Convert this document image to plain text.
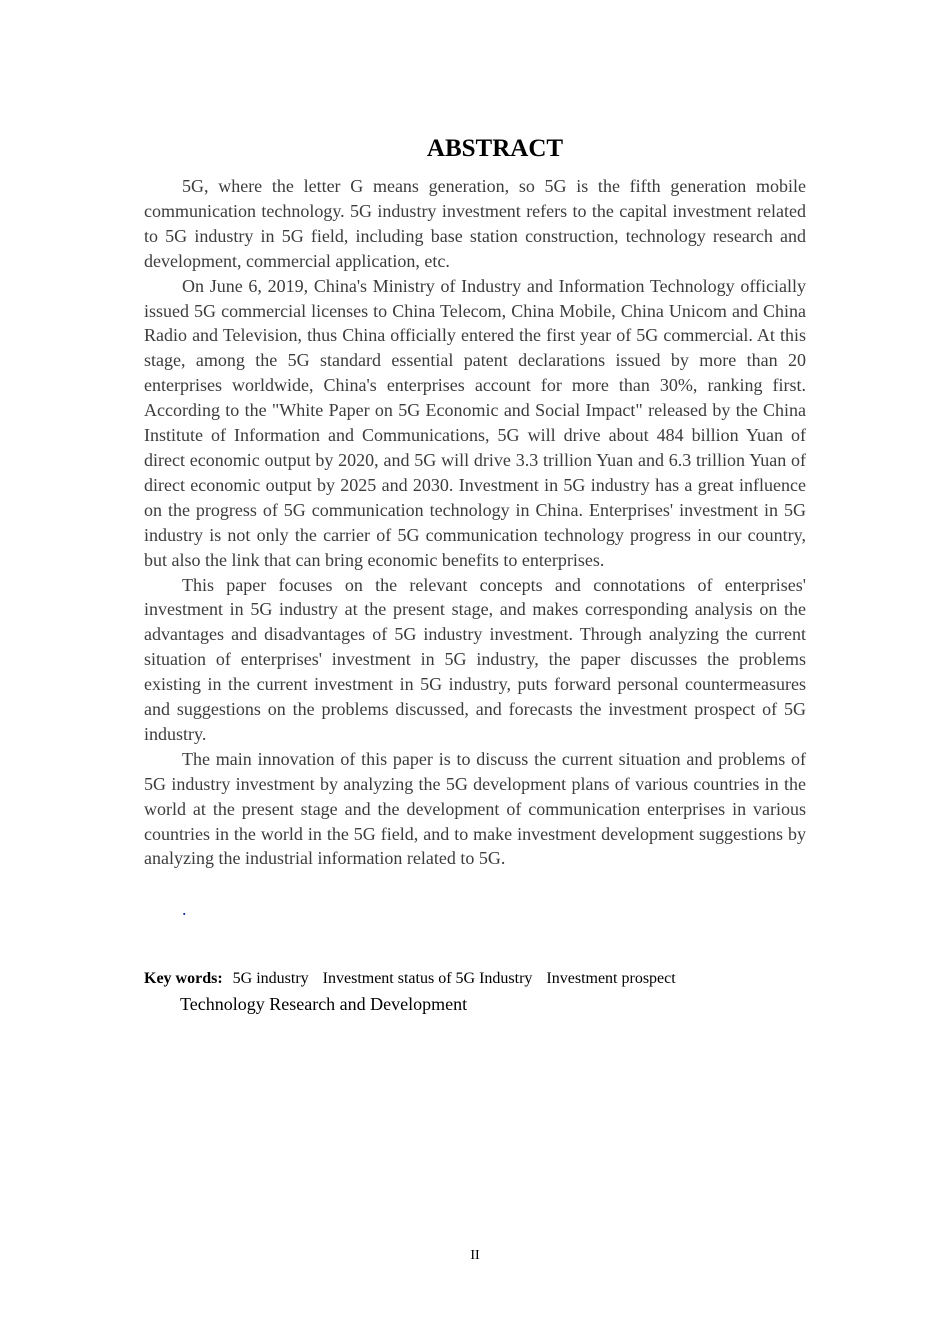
ABSTRACT

5G, where the letter G means generation, so 5G is the fifth generation mobile communication technology. 5G industry investment refers to the capital investment related to 5G industry in 5G field, including base station construction, technology research and development, commercial application, etc.

On June 6, 2019, China's Ministry of Industry and Information Technology officially issued 5G commercial licenses to China Telecom, China Mobile, China Unicom and China Radio and Television, thus China officially entered the first year of 5G commercial. At this stage, among the 5G standard essential patent declarations issued by more than 20 enterprises worldwide, China's enterprises account for more than 30%, ranking first. According to the "White Paper on 5G Economic and Social Impact" released by the China Institute of Information and Communications, 5G will drive about 484 billion Yuan of direct economic output by 2020, and 5G will drive 3.3 trillion Yuan and 6.3 trillion Yuan of direct economic output by 2025 and 2030. Investment in 5G industry has a great influence on the progress of 5G communication technology in China. Enterprises' investment in 5G industry is not only the carrier of 5G communication technology progress in our country, but also the link that can bring economic benefits to enterprises.

This paper focuses on the relevant concepts and connotations of enterprises' investment in 5G industry at the present stage, and makes corresponding analysis on the advantages and disadvantages of 5G industry investment. Through analyzing the current situation of enterprises' investment in 5G industry, the paper discusses the problems existing in the current investment in 5G industry, puts forward personal countermeasures and suggestions on the problems discussed, and forecasts the investment prospect of 5G industry.

The main innovation of this paper is to discuss the current situation and problems of 5G industry investment by analyzing the 5G development plans of various countries in the world at the present stage and the development of communication enterprises in various countries in the world in the 5G field, and to make investment development suggestions by analyzing the industrial information related to 5G.

.
Key words: 5G industry Investment status of 5G Industry Investment prospect
Technology Research and Development
II
